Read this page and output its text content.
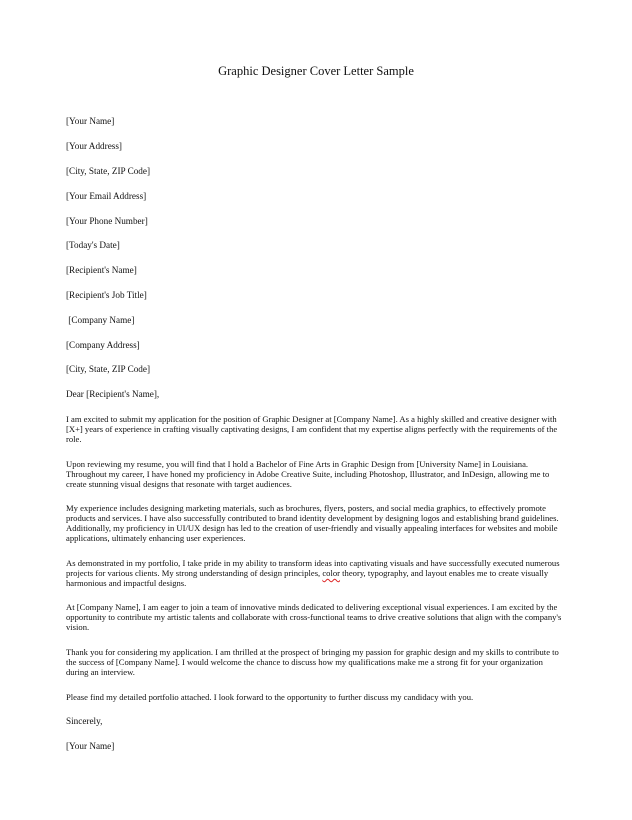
Graphic Designer Cover Letter Sample
[Your Name]
[Your Address]
[City, State, ZIP Code]
[Your Email Address]
[Your Phone Number]
[Today's Date]
[Recipient's Name]
[Recipient's Job Title]
[Company Name]
[Company Address]
[City, State, ZIP Code]
Dear [Recipient's Name],
I am excited to submit my application for the position of Graphic Designer at [Company Name]. As a highly skilled and creative designer with [X+] years of experience in crafting visually captivating designs, I am confident that my expertise aligns perfectly with the requirements of the role.
Upon reviewing my resume, you will find that I hold a Bachelor of Fine Arts in Graphic Design from [University Name] in Louisiana. Throughout my career, I have honed my proficiency in Adobe Creative Suite, including Photoshop, Illustrator, and InDesign, allowing me to create stunning visual designs that resonate with target audiences.
My experience includes designing marketing materials, such as brochures, flyers, posters, and social media graphics, to effectively promote products and services. I have also successfully contributed to brand identity development by designing logos and establishing brand guidelines. Additionally, my proficiency in UI/UX design has led to the creation of user-friendly and visually appealing interfaces for websites and mobile applications, ultimately enhancing user experiences.
As demonstrated in my portfolio, I take pride in my ability to transform ideas into captivating visuals and have successfully executed numerous projects for various clients. My strong understanding of design principles, color theory, typography, and layout enables me to create visually harmonious and impactful designs.
At [Company Name], I am eager to join a team of innovative minds dedicated to delivering exceptional visual experiences. I am excited by the opportunity to contribute my artistic talents and collaborate with cross-functional teams to drive creative solutions that align with the company's vision.
Thank you for considering my application. I am thrilled at the prospect of bringing my passion for graphic design and my skills to contribute to the success of [Company Name]. I would welcome the chance to discuss how my qualifications make me a strong fit for your organization during an interview.
Please find my detailed portfolio attached. I look forward to the opportunity to further discuss my candidacy with you.
Sincerely,
[Your Name]
